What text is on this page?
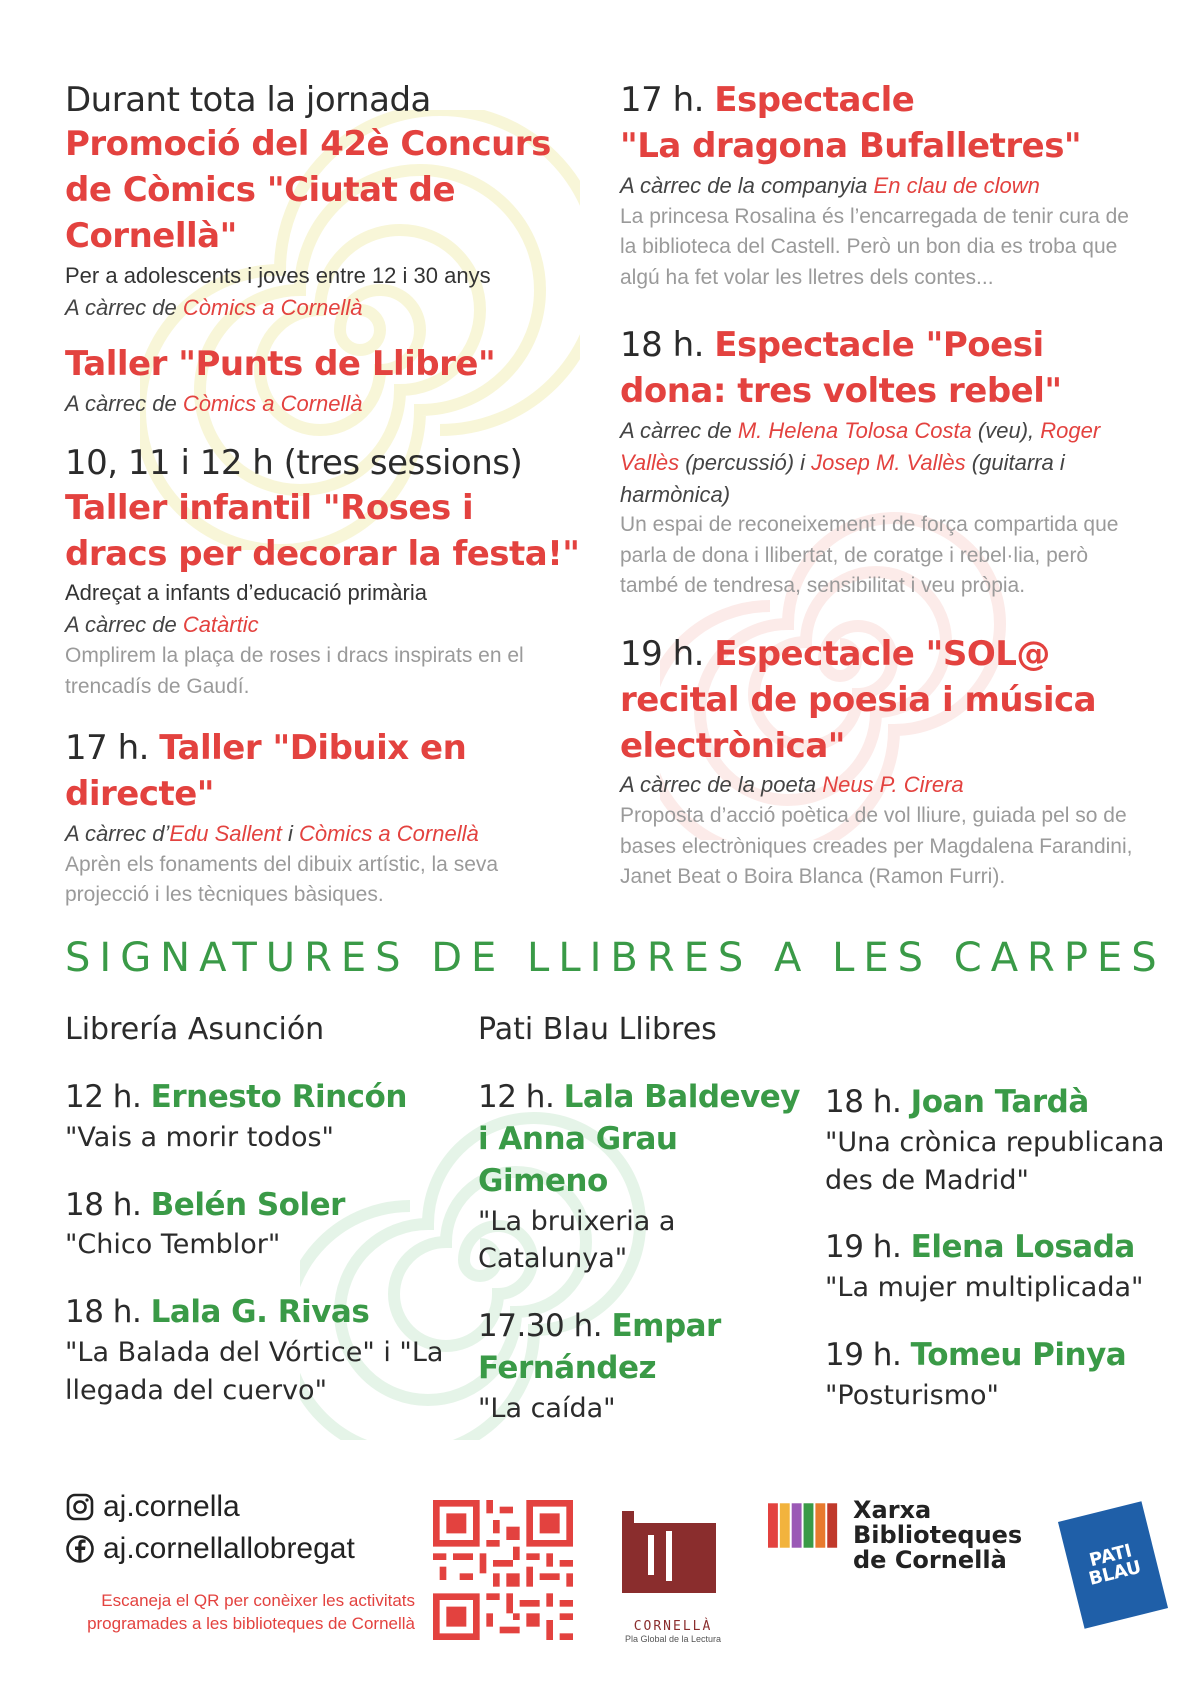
Durant tota la jornada
Promoció del 42è Concurs de Còmics "Ciutat de Cornellà"
Per a adolescents i joves entre 12 i 30 anys
A càrrec de Còmics a Cornellà
Taller "Punts de Llibre"
A càrrec de Còmics a Cornellà
10, 11 i 12 h (tres sessions)
Taller infantil "Roses i dracs per decorar la festa!"
Adreçat a infants d’educació primària
A càrrec de Catàrtic
Omplirem la plaça de roses i dracs inspirats en el trencadís de Gaudí.
17 h. Taller "Dibuix en directe"
A càrrec d’Edu Sallent i Còmics a Cornellà
Aprèn els fonaments del dibuix artístic, la seva projecció i les tècniques bàsiques.
17 h. Espectacle
"La dragona Bufalletres"
A càrrec de la companyia En clau de clown
La princesa Rosalina és l’encarregada de tenir cura de la biblioteca del Castell. Però un bon dia es troba que algú ha fet volar les lletres dels contes...
18 h. Espectacle "Poesi dona: tres voltes rebel"
A càrrec de M. Helena Tolosa Costa (veu), Roger Vallès (percussió) i Josep M. Vallès (guitarra i harmònica)
Un espai de reconeixement i de força compartida que parla de dona i llibertat, de coratge i rebel·lia, però també de tendresa, sensibilitat i veu pròpia.
19 h. Espectacle "SOL@ recital de poesia i música electrònica"
A càrrec de la poeta Neus P. Cirera
Proposta d’acció poètica de vol lliure, guiada pel so de bases electròniques creades per Magdalena Farandini, Janet Beat o Boira Blanca (Ramon Furri).
SIGNATURES DE LLIBRES A LES CARPES
Librería Asunción
12 h. Ernesto Rincón
"Vais a morir todos"
18 h. Belén Soler
"Chico Temblor"
18 h. Lala G. Rivas
"La Balada del Vórtice" i "La llegada del cuervo"
Pati Blau Llibres
12 h. Lala Baldevey i Anna Grau Gimeno
"La bruixeria a Catalunya"
17.30 h. Empar Fernández
"La caída"
18 h. Joan Tardà
"Una crònica republicana des de Madrid"
19 h. Elena Losada
"La mujer multiplicada"
19 h. Tomeu Pinya
"Posturismo"
aj.cornella
aj.cornellallobregat
Escaneja el QR per conèixer les activitats programades a les biblioteques de Cornellà	CORNELLÀ
Pla Global de la Lectura
Xarxa Biblioteques de Cornellà	PATI BLAU
